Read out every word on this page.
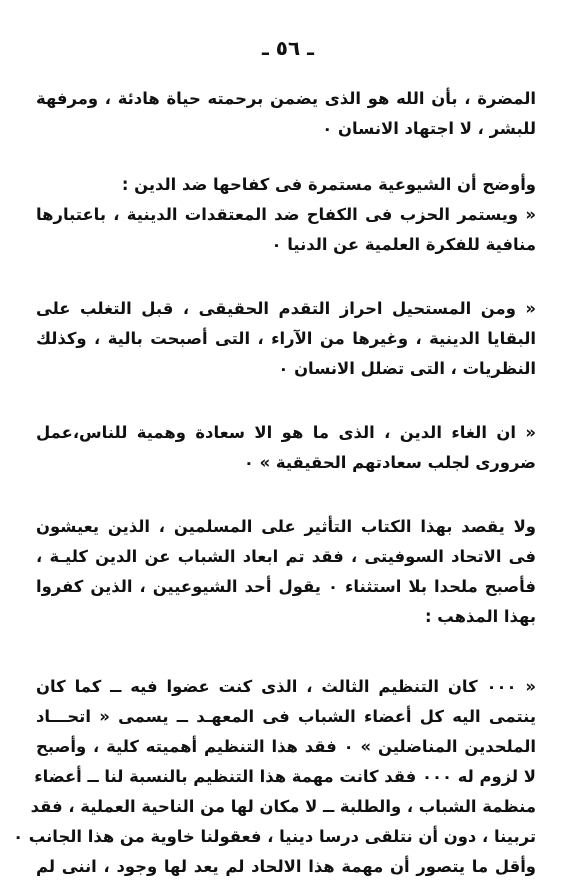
ـ ٥٦ ـ

المضرة ، بأن الله هو الذى يضمن برحمته حياة هادئة ، ومرفهة
للبشر ، لا اجتهاد الانسان ٠

وأوضح أن الشيوعية مستمرة فى كفاحها ضد الدين :
« ويستمر الحزب فى الكفاح ضد المعتقدات الدينية ، باعتبارها
منافية للفكرة العلمية عن الدنيا ٠

« ومن المستحيل احراز التقدم الحقيقى ، قبل التغلب على
البقايا الدينية ، وغيرها من الآراء ، التى أصبحت بالية ، وكذلك
النظريات ، التى تضلل الانسان ٠

« ان الغاء الدين ، الذى ما هو الا سعادة وهمية للناس،عمل
ضرورى لجلب سعادتهم الحقيقية » ٠

ولا يقصد بهذا الكتاب التأثير على المسلمين ، الذين يعيشون
فى الاتحاد السوفيتى ، فقد تم ابعاد الشباب عن الدين كليـة ،
فأصبح ملحدا بلا استثناء ٠ يقول أحد الشيوعيين ، الذين كفروا
بهذا المذهب :

« ٠٠٠ كان التنظيم الثالث ، الذى كنت عضوا فيه ــ كما كان
ينتمى اليه كل أعضاء الشباب فى المعهـد ــ يسمى « اتحـــاد
الملحدين المناضلين » ٠ فقد هذا التنظيم أهميته كلية ، وأصبح
لا لزوم له ٠٠٠ فقد كانت مهمة هذا التنظيم بالنسبة لنا ــ أعضاء
منظمة الشباب ، والطلبة ــ لا مكان لها من الناحية العملية ، فقد
تربينا ، دون أن نتلقى درسا دينيا ، فعقولنا خاوية من هذا الجانب ٠
وأقل ما يتصور أن مهمة هذا الالحاد لم يعد لها وجود ، اننى لم
